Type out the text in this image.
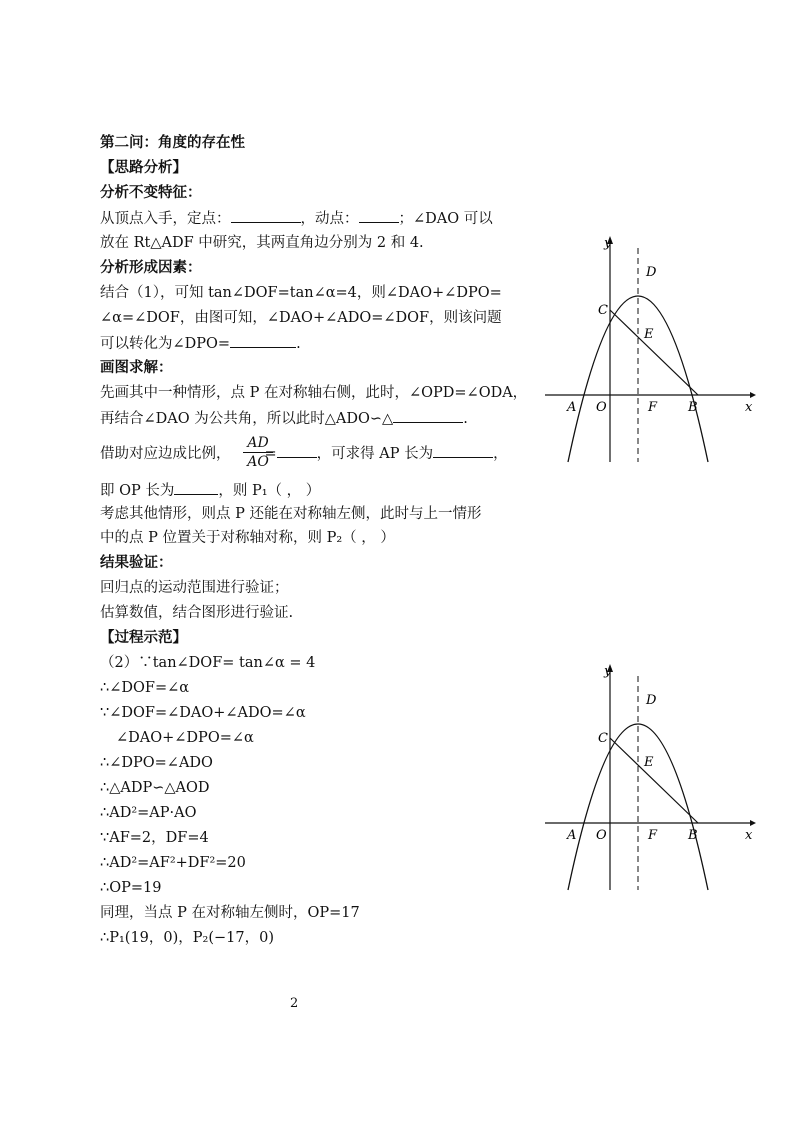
第二问：角度的存在性
【思路分析】
分析不变特征：
从顶点入手，定点：	，动点：	；∠DAO 可以
放在 Rt△ADF 中研究，其两直角边分别为 2 和 4.
分析形成因素：
结合（1），可知 tan∠DOF=tan∠α=4，则∠DAO+∠DPO=
∠α=∠DOF，由图可知，∠DAO+∠ADO=∠DOF，则该问题
可以转化为∠DPO=	.
画图求解：
先画其中一种情形，点 P 在对称轴右侧，此时，∠OPD=∠ODA，
再结合∠DAO 为公共角，所以此时△ADO∽△	.
借助对应边成比例， =	，可求得 AP 长为	，
$\frac{AD}{AO}$
即 OP 长为	，则 P₁（ ， ）
考虑其他情形，则点 P 还能在对称轴左侧，此时与上一情形
中的点 P 位置关于对称轴对称，则 P₂（ ， ）
结果验证：
回归点的运动范围进行验证；
估算数值，结合图形进行验证.
【过程示范】
（2）∵tan∠DOF= tan∠α = 4
∴∠DOF=∠α
∵∠DOF=∠DAO+∠ADO=∠α
∠DAO+∠DPO=∠α
∴∠DPO=∠ADO
∴△ADP∽△AOD
∴AD²=AP·AO
∵AF=2，DF=4
∴AD²=AF²+DF²=20
∴OP=19
同理，当点 P 在对称轴左侧时，OP=17
∴P₁(19，0)，P₂(−17，0)
2
y
x
D
C
E
A O	F B
y
x
D
C
E
A O	F B
